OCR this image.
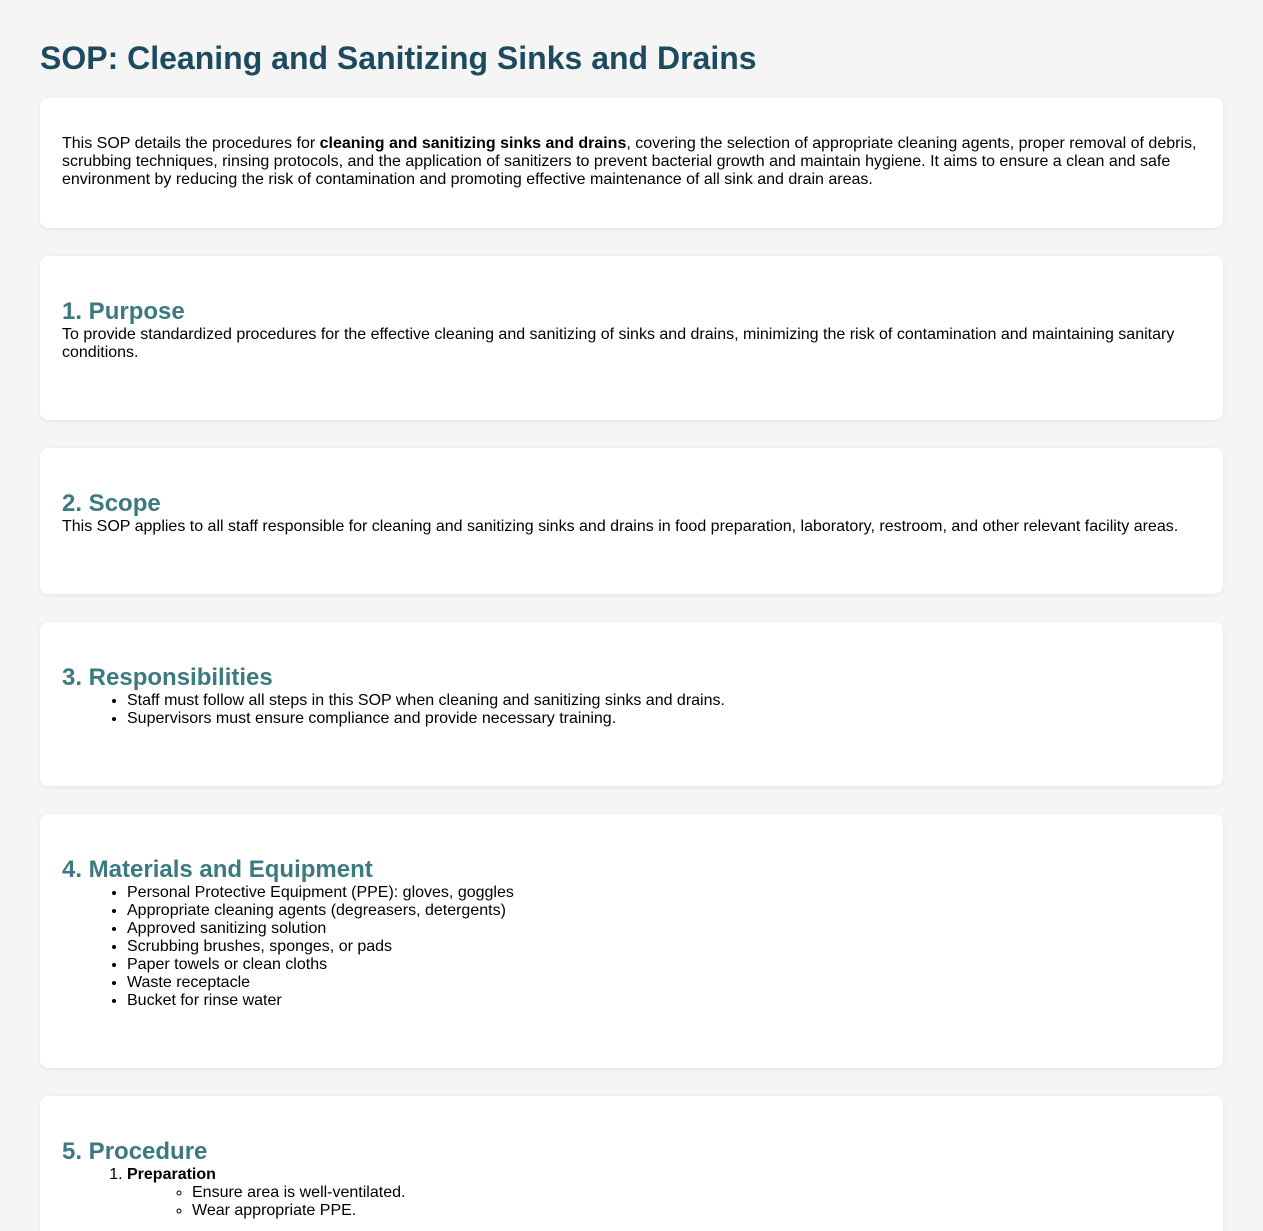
SOP: Cleaning and Sanitizing Sinks and Drains

This SOP details the procedures for cleaning and sanitizing sinks and drains, covering the selection of appropriate cleaning agents, proper removal of debris, scrubbing techniques, rinsing protocols, and the application of sanitizers to prevent bacterial growth and maintain hygiene. It aims to ensure a clean and safe environment by reducing the risk of contamination and promoting effective maintenance of all sink and drain areas.

1. Purpose

To provide standardized procedures for the effective cleaning and sanitizing of sinks and drains, minimizing the risk of contamination and maintaining sanitary conditions.

2. Scope

This SOP applies to all staff responsible for cleaning and sanitizing sinks and drains in food preparation, laboratory, restroom, and other relevant facility areas.

3. Responsibilities
• Staff must follow all steps in this SOP when cleaning and sanitizing sinks and drains.
• Supervisors must ensure compliance and provide necessary training.
4. Materials and Equipment
• Personal Protective Equipment (PPE): gloves, goggles
• Appropriate cleaning agents (degreasers, detergents)
• Approved sanitizing solution
• Scrubbing brushes, sponges, or pads
• Paper towels or clean cloths
• Waste receptacle
• Bucket for rinse water
5. Procedure
1. Preparation
◦ Ensure area is well-ventilated.
◦ Wear appropriate PPE.
